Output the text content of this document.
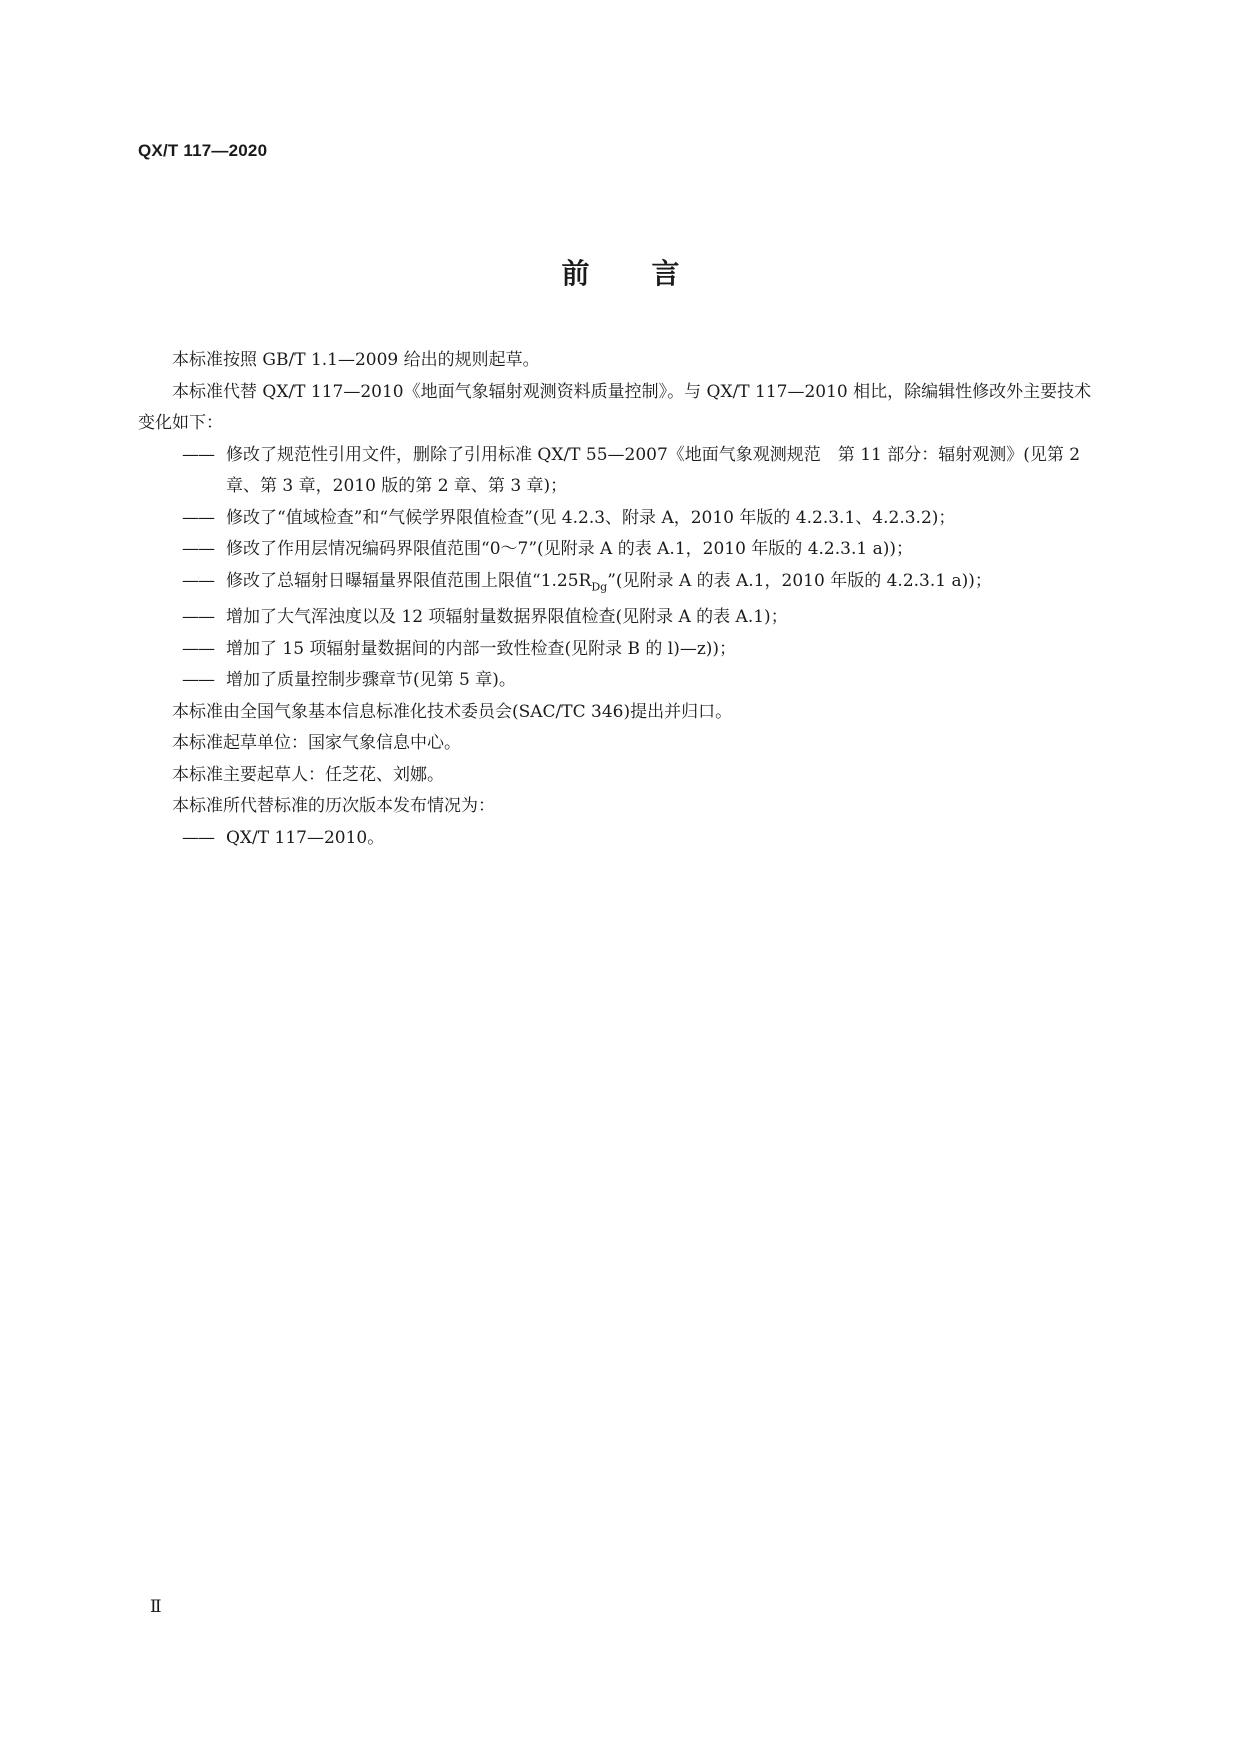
QX/T 117—2020
前言

本标准按照 GB/T 1.1—2009 给出的规则起草。

本标准代替 QX/T 117—2010《地面气象辐射观测资料质量控制》。与 QX/T 117—2010 相比，除编辑性修改外主要技术变化如下：

—— 修改了规范性引用文件，删除了引用标准 QX/T 55—2007《地面气象观测规范　第 11 部分：辐射观测》(见第 2 章、第 3 章，2010 版的第 2 章、第 3 章)；

—— 修改了“值域检查”和“气候学界限值检查”(见 4.2.3、附录 A，2010 年版的 4.2.3.1、4.2.3.2)；

—— 修改了作用层情况编码界限值范围“0～7”(见附录 A 的表 A.1，2010 年版的 4.2.3.1 a))；

—— 修改了总辐射日曝辐量界限值范围上限值“$1.25R_{Dg}$”(见附录 A 的表 A.1，2010 年版的 4.2.3.1 a))；

—— 增加了大气浑浊度以及 12 项辐射量数据界限值检查(见附录 A 的表 A.1)；

—— 增加了 15 项辐射量数据间的内部一致性检查(见附录 B 的 l)—z))；

—— 增加了质量控制步骤章节(见第 5 章)。

本标准由全国气象基本信息标准化技术委员会(SAC/TC 346)提出并归口。

本标准起草单位：国家气象信息中心。

本标准主要起草人：任芝花、刘娜。

本标准所代替标准的历次版本发布情况为：

—— QX/T 117—2010。

Ⅱ
